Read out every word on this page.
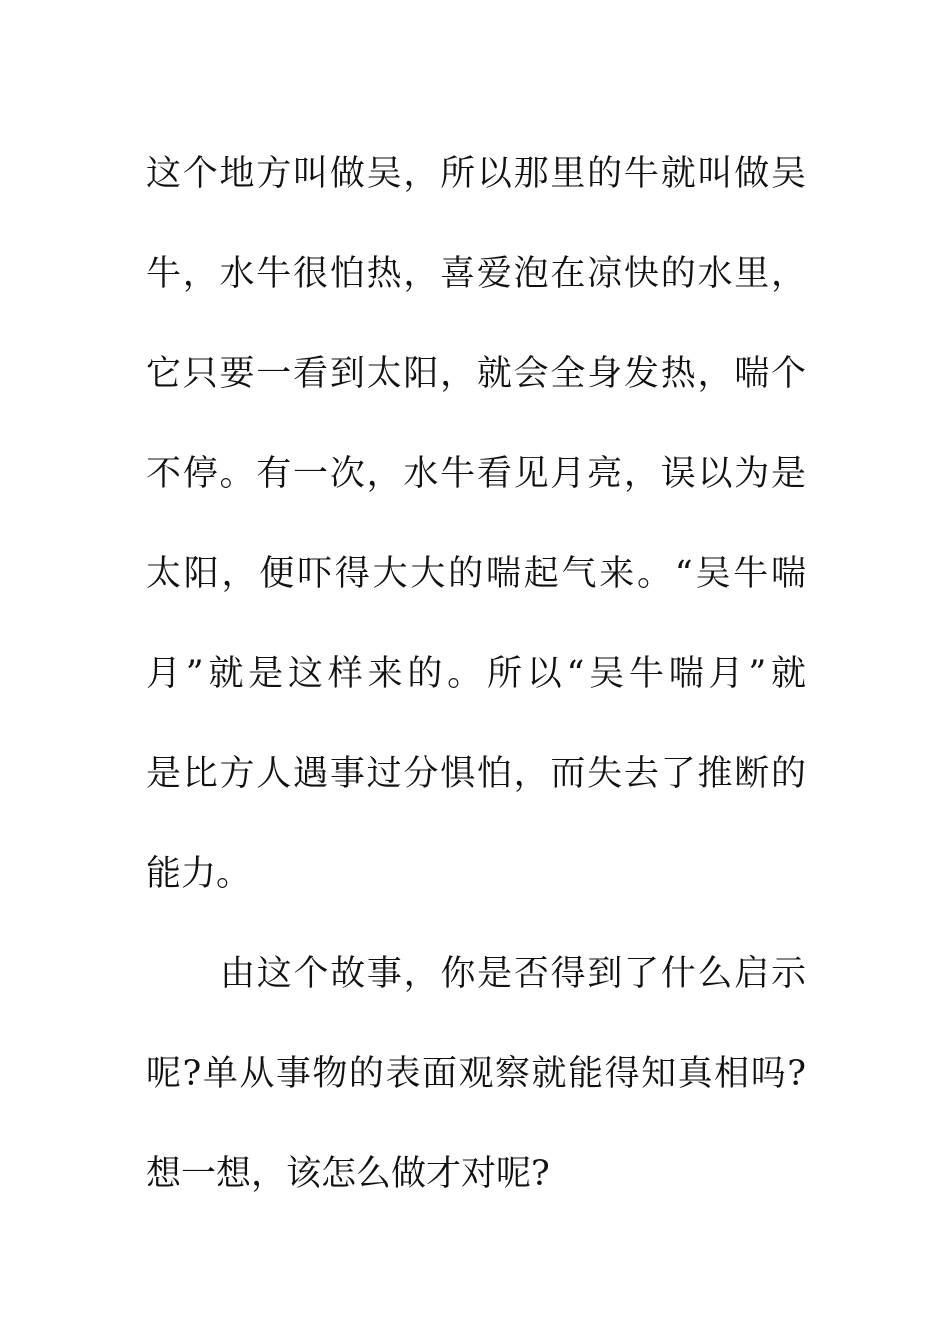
这个地方叫做吴，所以那里的牛就叫做吴
牛，水牛很怕热，喜爱泡在凉快的水里，
它只要一看到太阳，就会全身发热，喘个
不停。有一次，水牛看见月亮，误以为是
太阳，便吓得大大的喘起气来。“吴牛喘
月”就是这样来的。所以“吴牛喘月”就
是比方人遇事过分惧怕，而失去了推断的
能力。
由这个故事，你是否得到了什么启示
呢?单从事物的表面观察就能得知真相吗?
想一想，该怎么做才对呢?
